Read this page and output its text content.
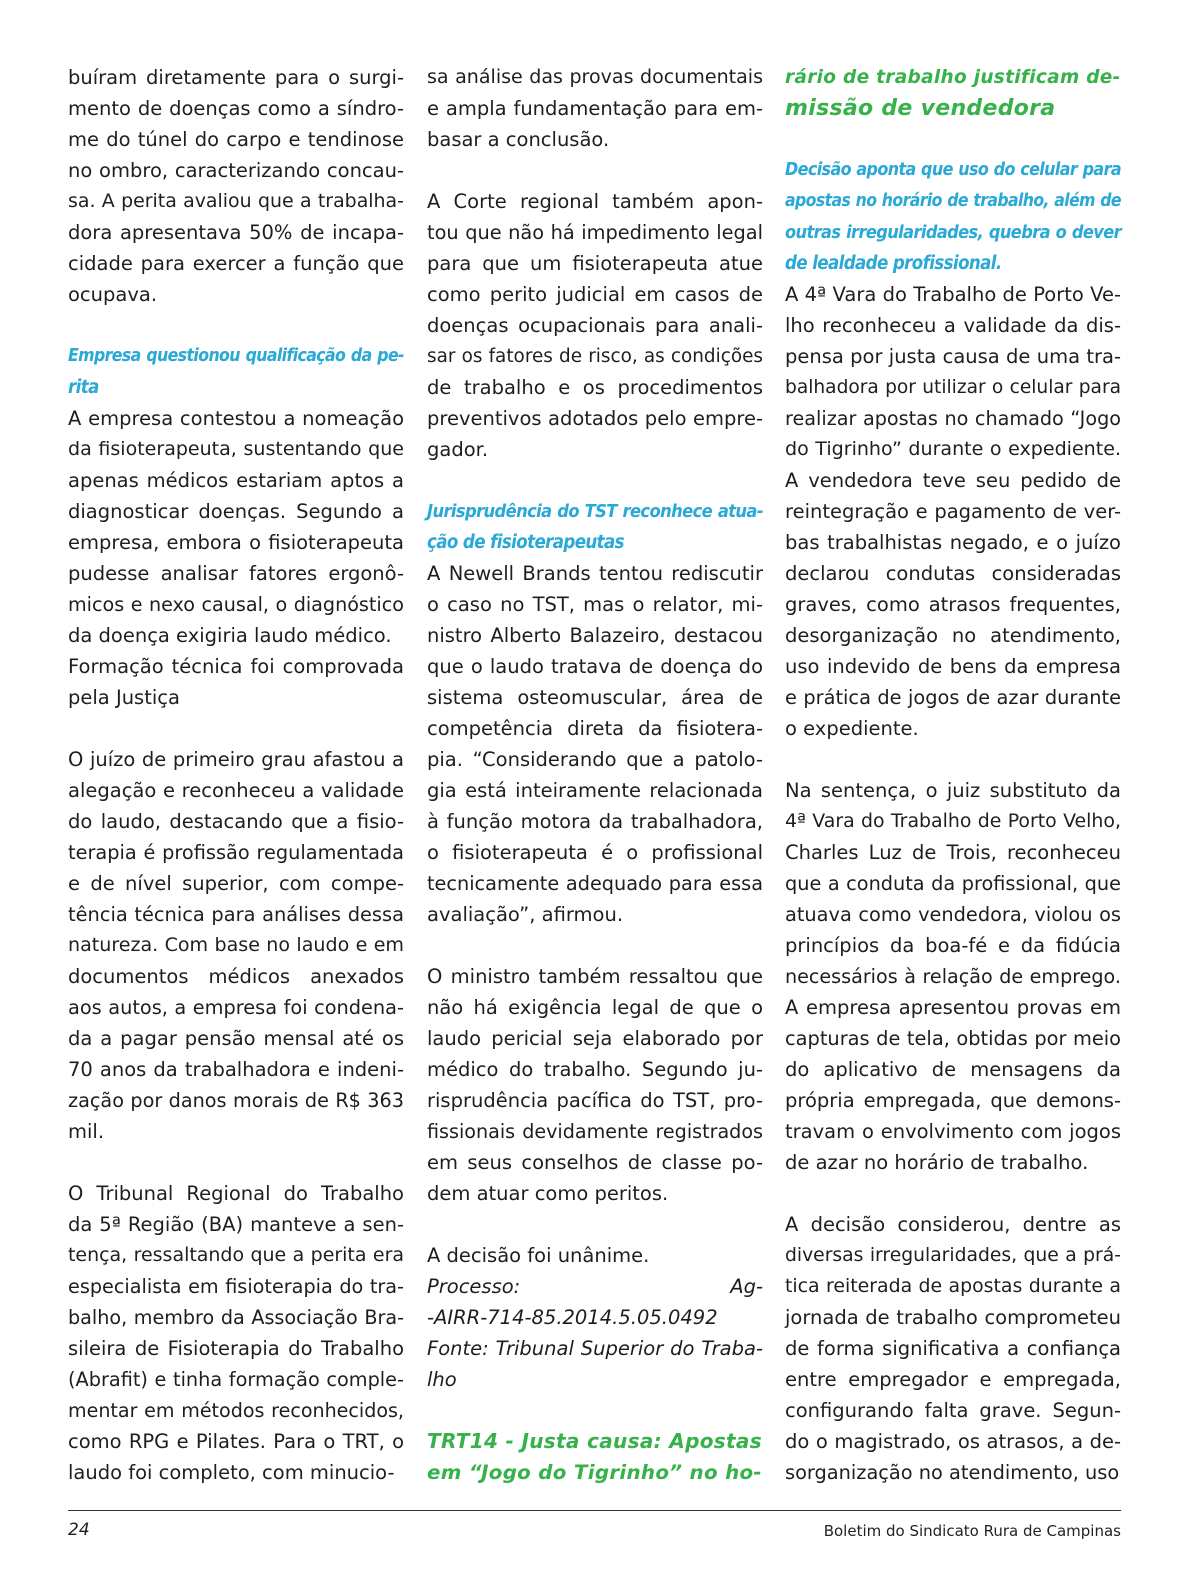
buíram diretamente para o surgi-
mento de doenças como a síndro-
me do túnel do carpo e tendinose
no ombro, caracterizando concau-
sa. A perita avaliou que a trabalha-
dora apresentava 50% de incapa-
cidade para exercer a função que
ocupava.

Empresa questionou qualificação da pe-
rita

A empresa contestou a nomeação
da fisioterapeuta, sustentando que
apenas médicos estariam aptos a
diagnosticar doenças. Segundo a
empresa, embora o fisioterapeuta
pudesse analisar fatores ergonô-
micos e nexo causal, o diagnóstico
da doença exigiria laudo médico.

Formação técnica foi comprovada
pela Justiça

O juízo de primeiro grau afastou a
alegação e reconheceu a validade
do laudo, destacando que a fisio-
terapia é profissão regulamentada
e de nível superior, com compe-
tência técnica para análises dessa
natureza. Com base no laudo e em
documentos médicos anexados
aos autos, a empresa foi condena-
da a pagar pensão mensal até os
70 anos da trabalhadora e indeni-
zação por danos morais de R$ 363
mil.

O Tribunal Regional do Trabalho
da 5ª Região (BA) manteve a sen-
tença, ressaltando que a perita era
especialista em fisioterapia do tra-
balho, membro da Associação Bra-
sileira de Fisioterapia do Trabalho
(Abrafit) e tinha formação comple-
mentar em métodos reconhecidos,
como RPG e Pilates. Para o TRT, o
laudo foi completo, com minucio-

sa análise das provas documentais
e ampla fundamentação para em-
basar a conclusão.

A Corte regional também apon-
tou que não há impedimento legal
para que um fisioterapeuta atue
como perito judicial em casos de
doenças ocupacionais para anali-
sar os fatores de risco, as condições
de trabalho e os procedimentos
preventivos adotados pelo empre-
gador.

Jurisprudência do TST reconhece atua-
ção de fisioterapeutas

A Newell Brands tentou rediscutir
o caso no TST, mas o relator, mi-
nistro Alberto Balazeiro, destacou
que o laudo tratava de doença do
sistema osteomuscular, área de
competência direta da fisiotera-
pia. “Considerando que a patolo-
gia está inteiramente relacionada
à função motora da trabalhadora,
o fisioterapeuta é o profissional
tecnicamente adequado para essa
avaliação”, afirmou.

O ministro também ressaltou que
não há exigência legal de que o
laudo pericial seja elaborado por
médico do trabalho. Segundo ju-
risprudência pacífica do TST, pro-
fissionais devidamente registrados
em seus conselhos de classe po-
dem atuar como peritos.

A decisão foi unânime.

Processo: Ag-
-AIRR-714-85.2014.5.05.0492
Fonte: Tribunal Superior do Traba-
lho

TRT14 - Justa causa: Apostas
em “Jogo do Tigrinho” no ho-

rário de trabalho justificam de-
missão de vendedora

Decisão aponta que uso do celular para
apostas no horário de trabalho, além de
outras irregularidades, quebra o dever
de lealdade profissional.

A 4ª Vara do Trabalho de Porto Ve-
lho reconheceu a validade da dis-
pensa por justa causa de uma tra-
balhadora por utilizar o celular para
realizar apostas no chamado “Jogo
do Tigrinho” durante o expediente.
A vendedora teve seu pedido de
reintegração e pagamento de ver-
bas trabalhistas negado, e o juízo
declarou condutas consideradas
graves, como atrasos frequentes,
desorganização no atendimento,
uso indevido de bens da empresa
e prática de jogos de azar durante
o expediente.

Na sentença, o juiz substituto da
4ª Vara do Trabalho de Porto Velho,
Charles Luz de Trois, reconheceu
que a conduta da profissional, que
atuava como vendedora, violou os
princípios da boa-fé e da fidúcia
necessários à relação de emprego.
A empresa apresentou provas em
capturas de tela, obtidas por meio
do aplicativo de mensagens da
própria empregada, que demons-
travam o envolvimento com jogos
de azar no horário de trabalho.

A decisão considerou, dentre as
diversas irregularidades, que a prá-
tica reiterada de apostas durante a
jornada de trabalho comprometeu
de forma significativa a confiança
entre empregador e empregada,
configurando falta grave. Segun-
do o magistrado, os atrasos, a de-
sorganização no atendimento, uso

24	Boletim do Sindicato Rura de Campinas
